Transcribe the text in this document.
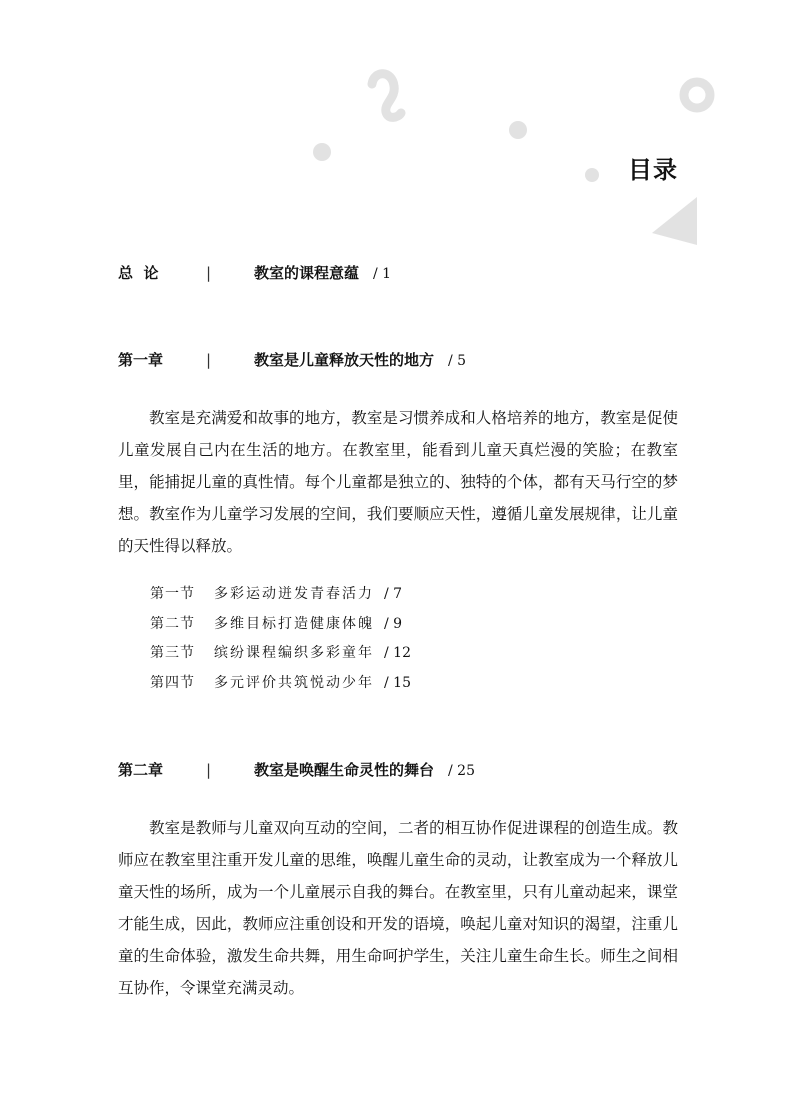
目录
总  论	|	教室的课程意蕴 / 1
第一章	|	教室是儿童释放天性的地方 / 5

教室是充满爱和故事的地方，教室是习惯养成和人格培养的地方，教室是促使儿童发展自己内在生活的地方。在教室里，能看到儿童天真烂漫的笑脸；在教室里，能捕捉儿童的真性情。每个儿童都是独立的、独特的个体，都有天马行空的梦想。教室作为儿童学习发展的空间，我们要顺应天性，遵循儿童发展规律，让儿童的天性得以释放。

第一节 多彩运动迸发青春活力 / 7
第二节 多维目标打造健康体魄 / 9
第三节 缤纷课程编织多彩童年 / 12
第四节 多元评价共筑悦动少年 / 15
第二章	|	教室是唤醒生命灵性的舞台 / 25

教室是教师与儿童双向互动的空间，二者的相互协作促进课程的创造生成。教师应在教室里注重开发儿童的思维，唤醒儿童生命的灵动，让教室成为一个释放儿童天性的场所，成为一个儿童展示自我的舞台。在教室里，只有儿童动起来，课堂才能生成，因此，教师应注重创设和开发的语境，唤起儿童对知识的渴望，注重儿童的生命体验，激发生命共舞，用生命呵护学生，关注儿童生命生长。师生之间相互协作，令课堂充满灵动。
